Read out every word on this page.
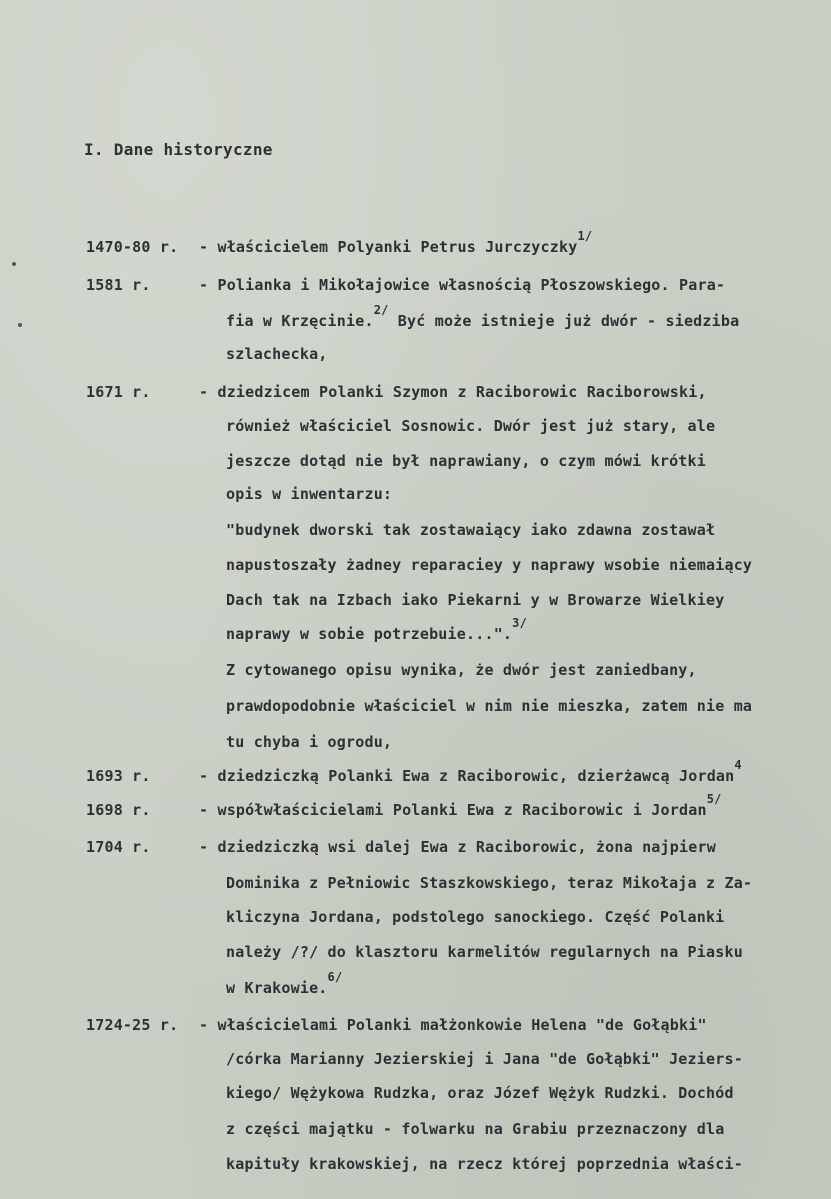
I. Dane historyczne
1470-80 r. - właścicielem Polyanki Petrus Jurczyczky$^{1/}$
1581 r.	- Polianka i Mikołajowice własnością Płoszowskiego. Para-
fia w Krzęcinie.$^{2/}$ Być może istnieje już dwór - siedziba
szlachecka,
1671 r.	- dziedzicem Polanki Szymon z Raciborowic Raciborowski,
również właściciel Sosnowic. Dwór jest już stary, ale
jeszcze dotąd nie był naprawiany, o czym mówi krótki
opis w inwentarzu:
"budynek dworski tak zostawaiący iako zdawna zostawał
napustoszały żadney reparaciey y naprawy wsobie niemaiący
Dach tak na Izbach iako Piekarni y w Browarze Wielkiey
naprawy w sobie potrzebuie...".$^{3/}$
Z cytowanego opisu wynika, że dwór jest zaniedbany,
prawdopodobnie właściciel w nim nie mieszka, zatem nie ma
tu chyba i ogrodu,
1693 r.	- dziedziczką Polanki Ewa z Raciborowic, dzierżawcą Jordan$^4$
1698 r.	- współwłaścicielami Polanki Ewa z Raciborowic i Jordan$^{5/}$
1704 r.	- dziedziczką wsi dalej Ewa z Raciborowic, żona najpierw
Dominika z Pełniowic Staszkowskiego, teraz Mikołaja z Za-
kliczyna Jordana, podstolego sanockiego. Część Polanki
należy /?/ do klasztoru karmelitów regularnych na Piasku
w Krakowie.$^{6/}$
1724-25 r. - właścicielami Polanki małżonkowie Helena "de Gołąbki"
/córka Marianny Jezierskiej i Jana "de Gołąbki" Jeziers-
kiego/ Wężykowa Rudzka, oraz Józef Wężyk Rudzki. Dochód
z części majątku - folwarku na Grabiu przeznaczony dla
kapituły krakowskiej, na rzecz której poprzednia właści-
